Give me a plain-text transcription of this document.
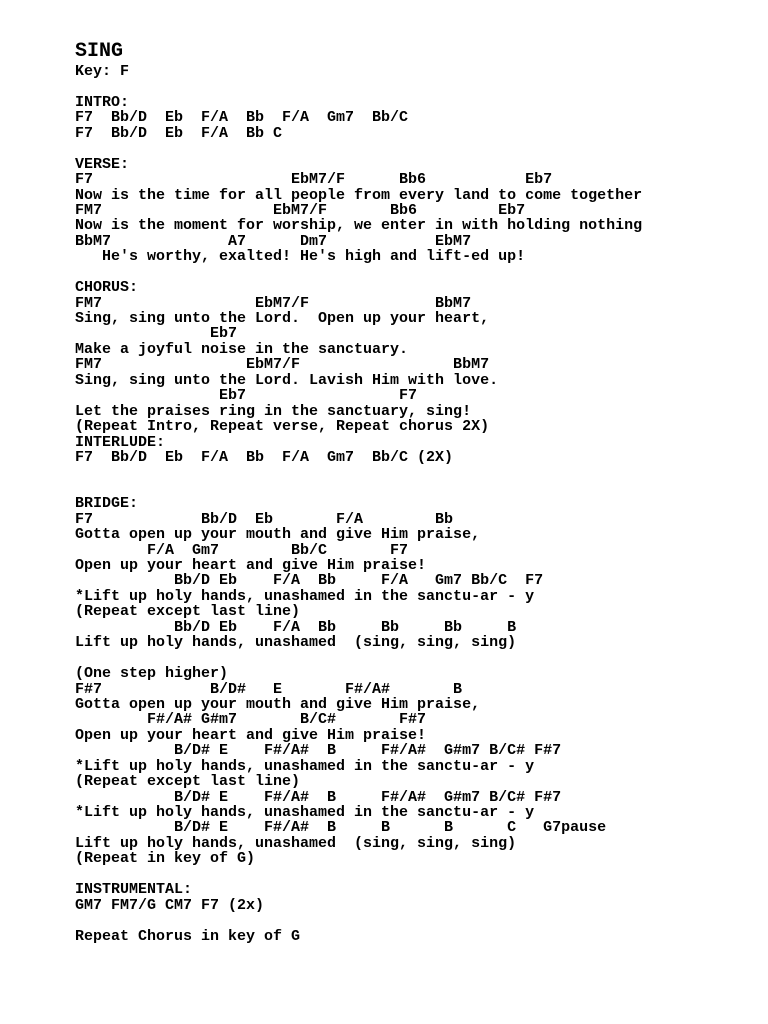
SING
Key: F
INTRO:
F7  Bb/D  Eb  F/A  Bb  F/A  Gm7  Bb/C
F7  Bb/D  Eb  F/A  Bb C
VERSE:
F7                      EbM7/F      Bb6           Eb7
Now is the time for all people from every land to come together
FM7                   EbM7/F       Bb6         Eb7
Now is the moment for worship, we enter in with holding nothing
BbM7             A7      Dm7            EbM7
He's worthy, exalted! He's high and lift-ed up!
CHORUS:
FM7                 EbM7/F              BbM7
Sing, sing unto the Lord.  Open up your heart,
Eb7
Make a joyful noise in the sanctuary.
FM7                EbM7/F                 BbM7
Sing, sing unto the Lord. Lavish Him with love.
Eb7                 F7
Let the praises ring in the sanctuary, sing!
(Repeat Intro, Repeat verse, Repeat chorus 2X)
INTERLUDE:
F7  Bb/D  Eb  F/A  Bb  F/A  Gm7  Bb/C (2X)
BRIDGE:
F7            Bb/D  Eb       F/A        Bb
Gotta open up your mouth and give Him praise,
F/A  Gm7        Bb/C       F7
Open up your heart and give Him praise!
Bb/D Eb    F/A  Bb     F/A   Gm7 Bb/C  F7
*Lift up holy hands, unashamed in the sanctu-ar - y
(Repeat except last line)
Bb/D Eb    F/A  Bb     Bb     Bb     B
Lift up holy hands, unashamed  (sing, sing, sing)
(One step higher)
F#7            B/D#   E       F#/A#       B
Gotta open up your mouth and give Him praise,
F#/A# G#m7       B/C#       F#7
Open up your heart and give Him praise!
B/D# E    F#/A#  B     F#/A#  G#m7 B/C# F#7
*Lift up holy hands, unashamed in the sanctu-ar - y
(Repeat except last line)
B/D# E    F#/A#  B     F#/A#  G#m7 B/C# F#7
*Lift up holy hands, unashamed in the sanctu-ar - y
B/D# E    F#/A#  B     B      B      C   G7pause
Lift up holy hands, unashamed  (sing, sing, sing)
(Repeat in key of G)
INSTRUMENTAL:
GM7 FM7/G CM7 F7 (2x)
Repeat Chorus in key of G
